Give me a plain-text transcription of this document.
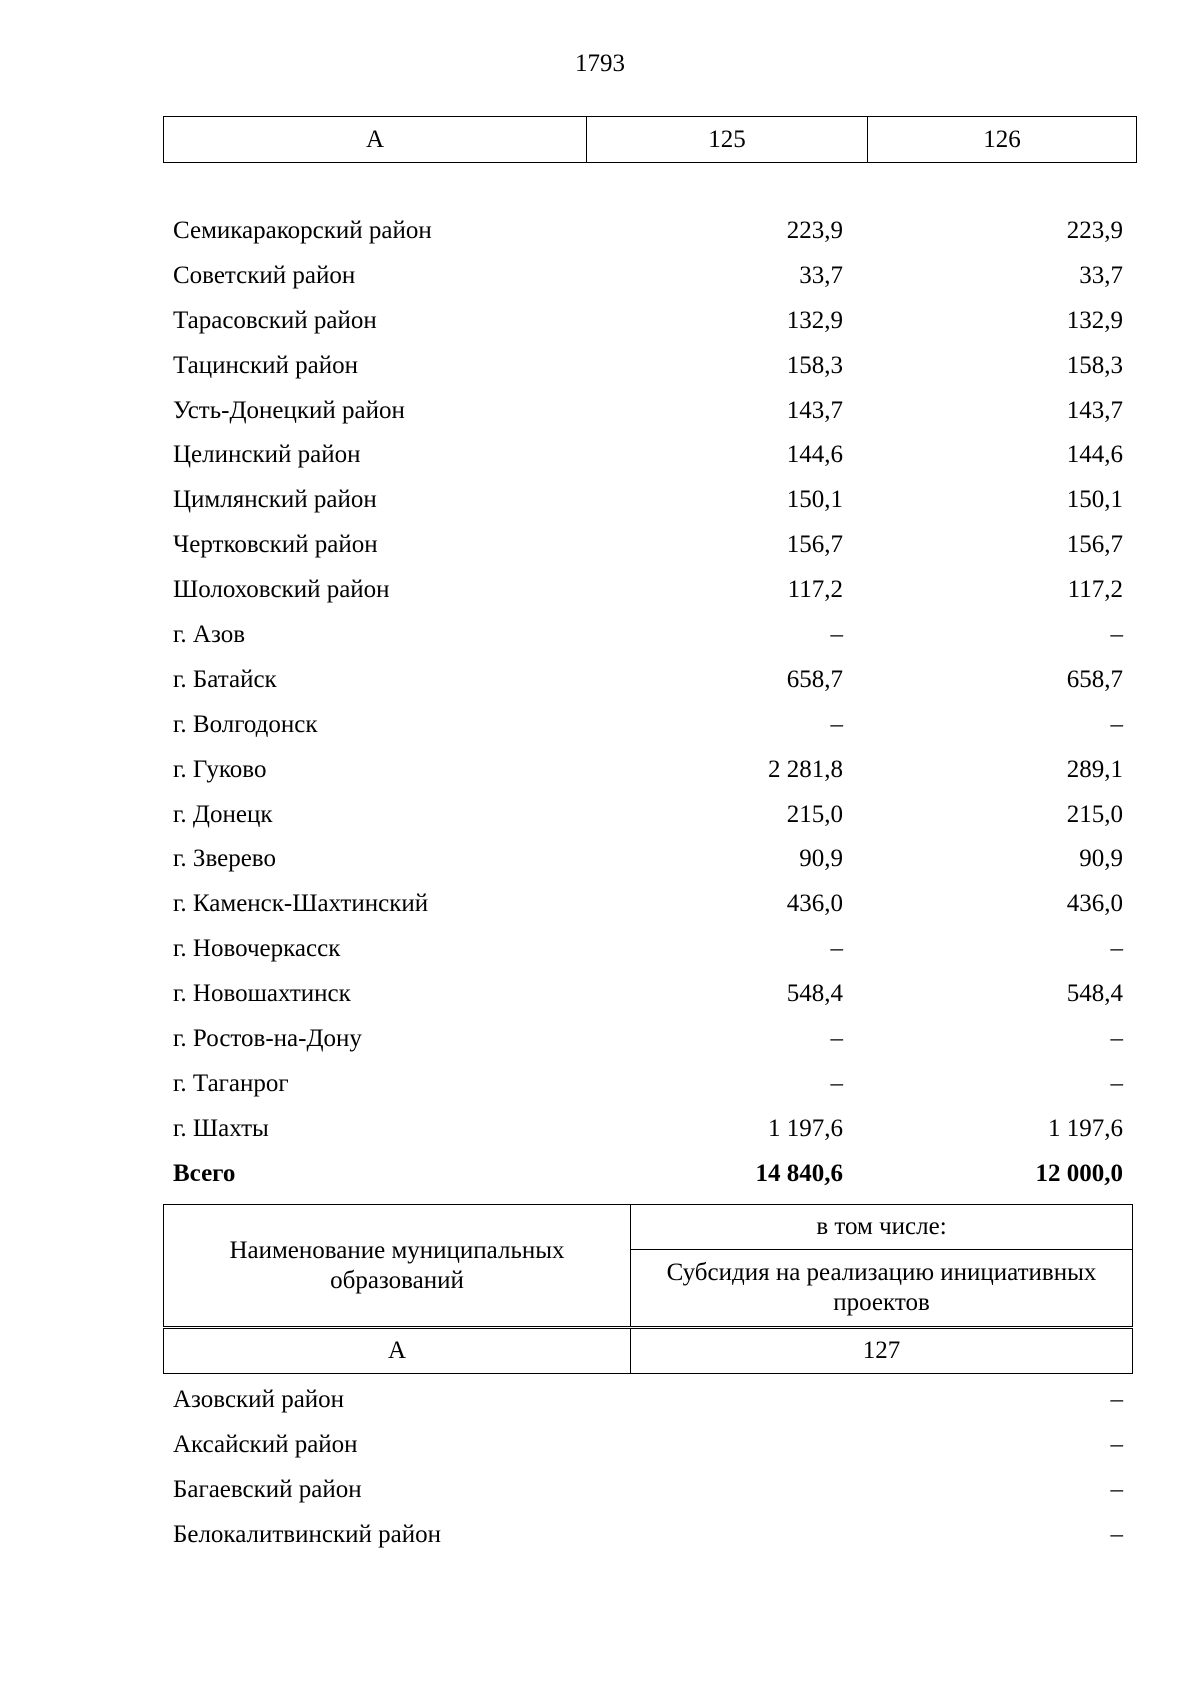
1793
А	125	126
Семикаракорский район	223,9	223,9
Советский район	33,7	33,7
Тарасовский район	132,9	132,9
Тацинский район	158,3	158,3
Усть-Донецкий район	143,7	143,7
Целинский район	144,6	144,6
Цимлянский район	150,1	150,1
Чертковский район	156,7	156,7
Шолоховский район	117,2	117,2
г. Азов	–	–
г. Батайск	658,7	658,7
г. Волгодонск	–	–
г. Гуково	2 281,8	289,1
г. Донецк	215,0	215,0
г. Зверево	90,9	90,9
г. Каменск-Шахтинский	436,0	436,0
г. Новочеркасск	–	–
г. Новошахтинск	548,4	548,4
г. Ростов-на-Дону	–	–
г. Таганрог	–	–
г. Шахты	1 197,6	1 197,6
Всего	14 840,6	12 000,0
Наименование муниципальных образований	в том числе:
	Субсидия на реализацию инициативных проектов
А	127
Азовский район	–
Аксайский район	–
Багаевский район	–
Белокалитвинский район	–
